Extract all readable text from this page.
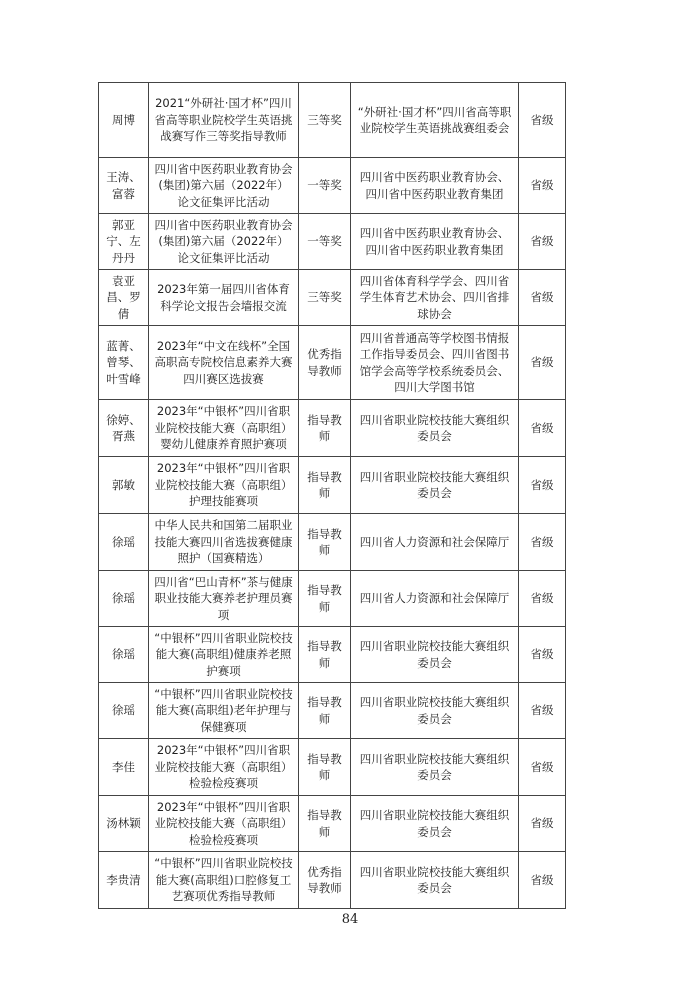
周博	2021“外研社·国才杯”四川省高等职业院校学生英语挑战赛写作三等奖指导教师	三等奖	“外研社·国才杯”四川省高等职业院校学生英语挑战赛组委会	省级
王涛、富蓉	四川省中医药职业教育协会(集团)第六届（2022年）论文征集评比活动	一等奖	四川省中医药职业教育协会、四川省中医药职业教育集团	省级
郭亚宁、左丹丹	四川省中医药职业教育协会(集团)第六届（2022年）论文征集评比活动	一等奖	四川省中医药职业教育协会、四川省中医药职业教育集团	省级
袁亚昌、罗倩	2023年第一届四川省体育科学论文报告会墙报交流	三等奖	四川省体育科学学会、四川省学生体育艺术协会、四川省排球协会	省级
蓝菁、曾琴、叶雪峰	2023年“中文在线杯”全国高职高专院校信息素养大赛四川赛区选拔赛	优秀指导教师	四川省普通高等学校图书情报工作指导委员会、四川省图书馆学会高等学校系统委员会、四川大学图书馆	省级
徐婷、胥燕	2023年“中银杯”四川省职业院校技能大赛（高职组）婴幼儿健康养育照护赛项	指导教师	四川省职业院校技能大赛组织委员会	省级
郭敏	2023年“中银杯”四川省职业院校技能大赛（高职组）护理技能赛项	指导教师	四川省职业院校技能大赛组织委员会	省级
徐瑶	中华人民共和国第二届职业技能大赛四川省选拔赛健康照护（国赛精选）	指导教师	四川省人力资源和社会保障厅	省级
徐瑶	四川省“巴山青杯”茶与健康职业技能大赛养老护理员赛项	指导教师	四川省人力资源和社会保障厅	省级
徐瑶	“中银杯”四川省职业院校技能大赛(高职组)健康养老照护赛项	指导教师	四川省职业院校技能大赛组织委员会	省级
徐瑶	“中银杯”四川省职业院校技能大赛(高职组)老年护理与保健赛项	指导教师	四川省职业院校技能大赛组织委员会	省级
李佳	2023年“中银杯”四川省职业院校技能大赛（高职组）检验检疫赛项	指导教师	四川省职业院校技能大赛组织委员会	省级
汤林颖	2023年“中银杯”四川省职业院校技能大赛（高职组）检验检疫赛项	指导教师	四川省职业院校技能大赛组织委员会	省级
李贵清	“中银杯”四川省职业院校技能大赛(高职组)口腔修复工艺赛项优秀指导教师	优秀指导教师	四川省职业院校技能大赛组织委员会	省级
84
